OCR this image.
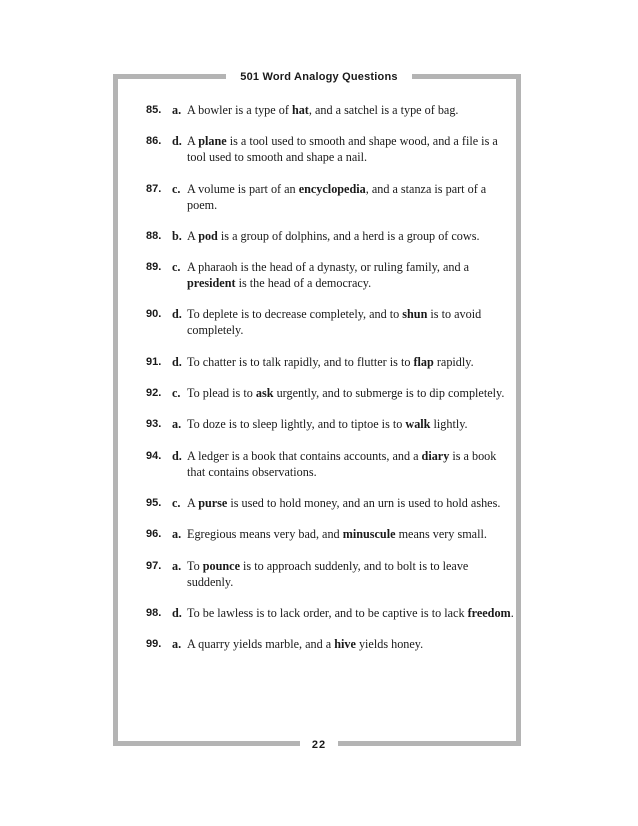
501 Word Analogy Questions
85. a. A bowler is a type of hat, and a satchel is a type of bag.
86. d. A plane is a tool used to smooth and shape wood, and a file is a tool used to smooth and shape a nail.
87. c. A volume is part of an encyclopedia, and a stanza is part of a poem.
88. b. A pod is a group of dolphins, and a herd is a group of cows.
89. c. A pharaoh is the head of a dynasty, or ruling family, and a president is the head of a democracy.
90. d. To deplete is to decrease completely, and to shun is to avoid completely.
91. d. To chatter is to talk rapidly, and to flutter is to flap rapidly.
92. c. To plead is to ask urgently, and to submerge is to dip completely.
93. a. To doze is to sleep lightly, and to tiptoe is to walk lightly.
94. d. A ledger is a book that contains accounts, and a diary is a book that contains observations.
95. c. A purse is used to hold money, and an urn is used to hold ashes.
96. a. Egregious means very bad, and minuscule means very small.
97. a. To pounce is to approach suddenly, and to bolt is to leave suddenly.
98. d. To be lawless is to lack order, and to be captive is to lack freedom.
99. a. A quarry yields marble, and a hive yields honey.
22
